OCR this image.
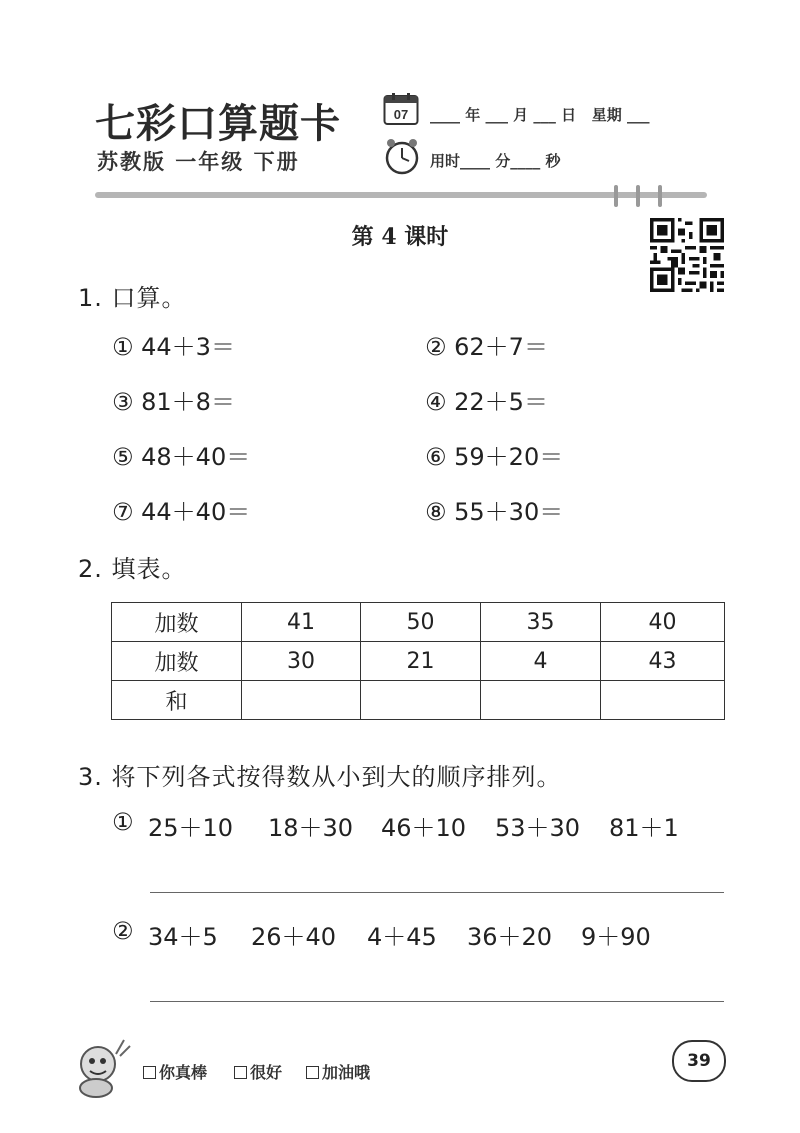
七彩口算题卡
苏教版 一年级 下册
07 ____ 年 ___ 月 ___ 日   星期 ___
用时____ 分____ 秒
第 4 课时
1. 口算。
① 44＋3＝	② 62＋7＝
③ 81＋8＝	④ 22＋5＝
⑤ 48＋40＝	⑥ 59＋20＝
⑦ 44＋40＝	⑧ 55＋30＝
2. 填表。
加数	41	50	35	40
加数	30	21	4	43
和				
3. 将下列各式按得数从小到大的顺序排列。
① 25＋10 18＋30 46＋10 53＋30 81＋1
② 34＋5 26＋40 4＋45 36＋20 9＋90
你真棒	很好	加油哦
39
